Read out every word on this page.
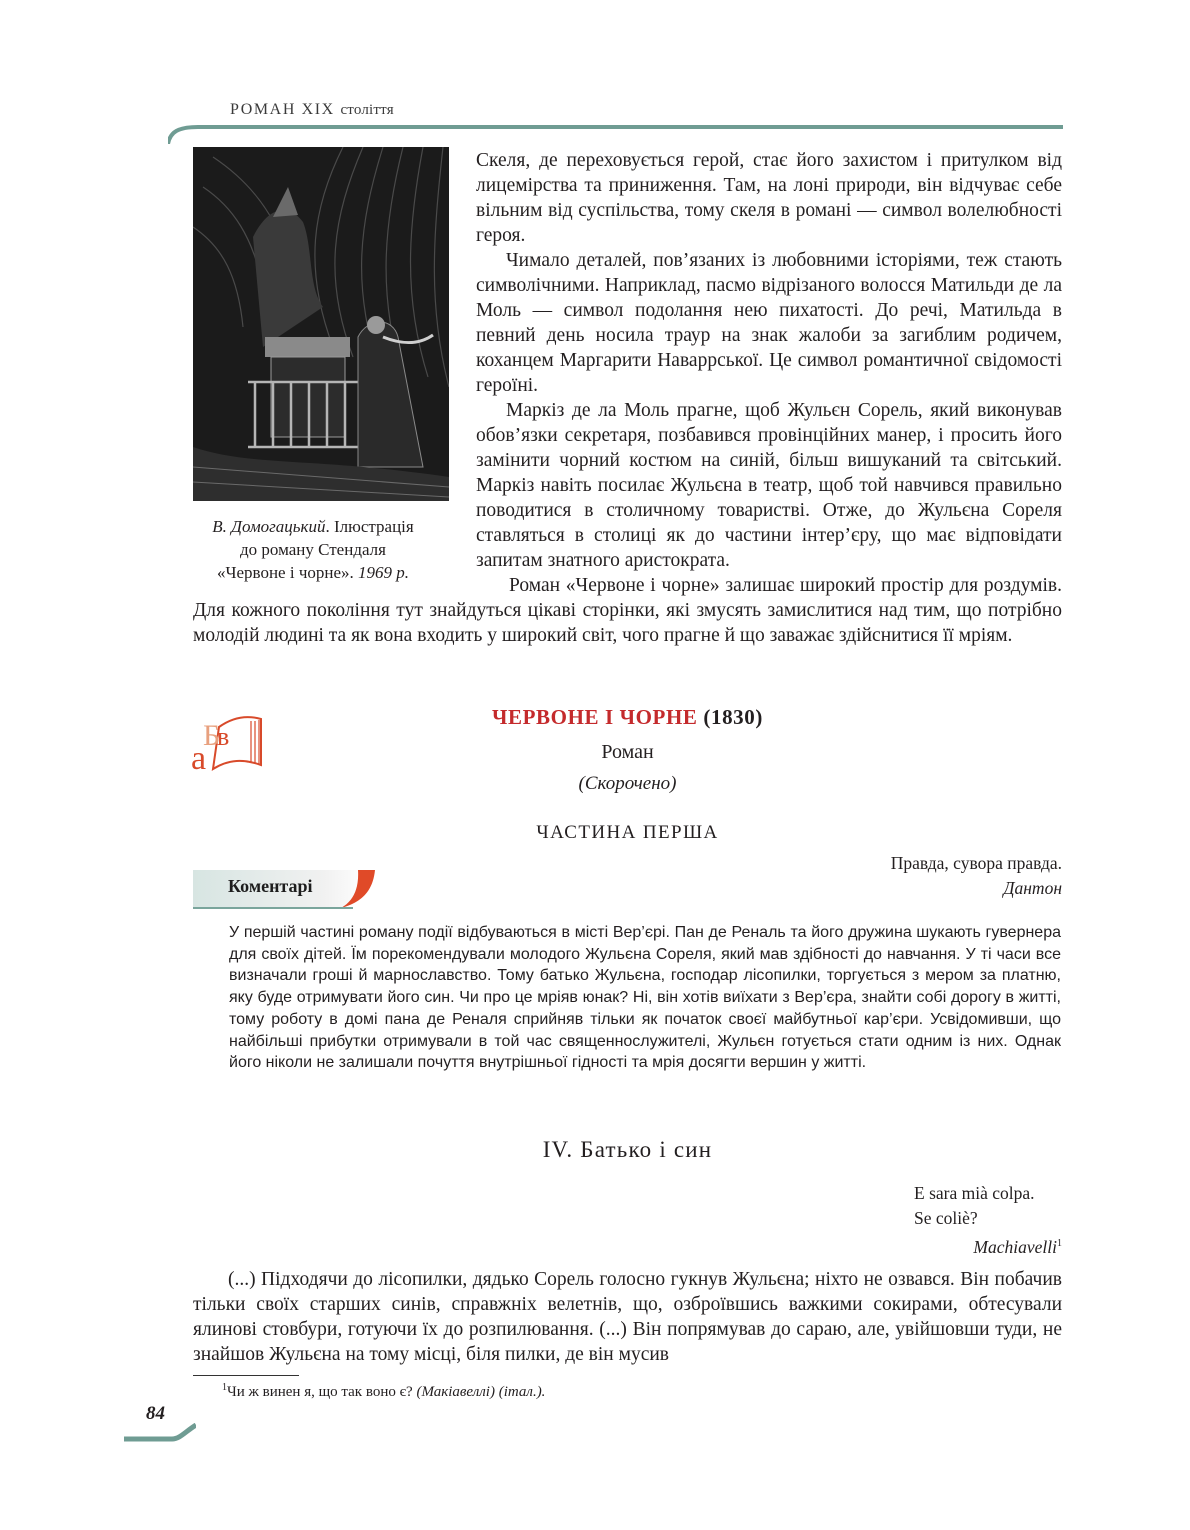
РОМАН XIX століття
В. Домогацький. Ілюстрація
до роману Стендаля
«Червоне і чорне». 1969 р.

Скеля, де переховується герой, стає його захистом і притулком від лицемірства та приниження. Там, на лоні природи, він відчуває себе вільним від суспільства, тому скеля в романі — символ волелюбності героя.

Чимало деталей, пов’язаних із любовними історіями, теж стають символічними. Наприклад, пасмо відрізаного волосся Матильди де ла Моль — символ подолання нею пихатості. До речі, Матильда в певний день носила траур на знак жалоби за загиблим родичем, коханцем Маргарити Наваррської. Це символ романтичної свідомості героїні.

Маркіз де ла Моль прагне, щоб Жульєн Сорель, який виконував обов’язки секретаря, позбавився провінційних манер, і просить його замінити чорний костюм на синій, більш вишуканий та світський. Маркіз навіть посилає Жульєна в театр, щоб той навчився правильно поводитися в столичному товаристві. Отже, до Жульєна Сореля ставляться в столиці як до частини інтер’єру, що має відповідати запитам знатного аристократа.

Роман «Червоне і чорне» залишає широкий простір для роздумів. Для кожного покоління тут знайдуться цікаві сторінки, які змусять замислитися над тим, що потрібно молодій людині та як вона входить у широкий світ, чого прагне й що заважає здійснитися її мріям.

Б
в
а
ЧЕРВОНЕ І ЧОРНЕ (1830)
Роман
(Скорочено)
ЧАСТИНА ПЕРША
Правда, сувора правда.
Дантон
Коментарі
У першій частині роману події відбуваються в місті Вер’єрі. Пан де Реналь та його дружина шукають гувернера для своїх дітей. Їм порекомендували молодого Жульєна Сореля, який мав здібності до навчання. У ті часи все визначали гроші й марнославство. Тому батько Жульєна, господар лісопилки, торгується з мером за платню, яку буде отримувати його син. Чи про це мріяв юнак? Ні, він хотів виїхати з Вер’єра, знайти собі дорогу в житті, тому роботу в домі пана де Реналя сприйняв тільки як початок своєї майбутньої кар’єри. Усвідомивши, що найбільші прибутки отримували в той час священнослужителі, Жульєн готується стати одним із них. Однак його ніколи не залишали почуття внутрішньої гідності та мрія досягти вершин у житті.
IV. Батько і син
E sara mià colpa.
Se coliè?
Machiavelli$^1$

(...) Підходячи до лісопилки, дядько Сорель голосно гукнув Жульєна; ніхто не озвався. Він побачив тільки своїх старших синів, справжніх велетнів, що, озброївшись важкими сокирами, обтесували ялинові стовбури, готуючи їх до розпилювання. (...) Він попрямував до сараю, але, увійшовши туди, не знайшов Жульєна на тому місці, біля пилки, де він мусив

$^1$Чи ж винен я, що так воно є? (Макіавеллі) (італ.).
84
